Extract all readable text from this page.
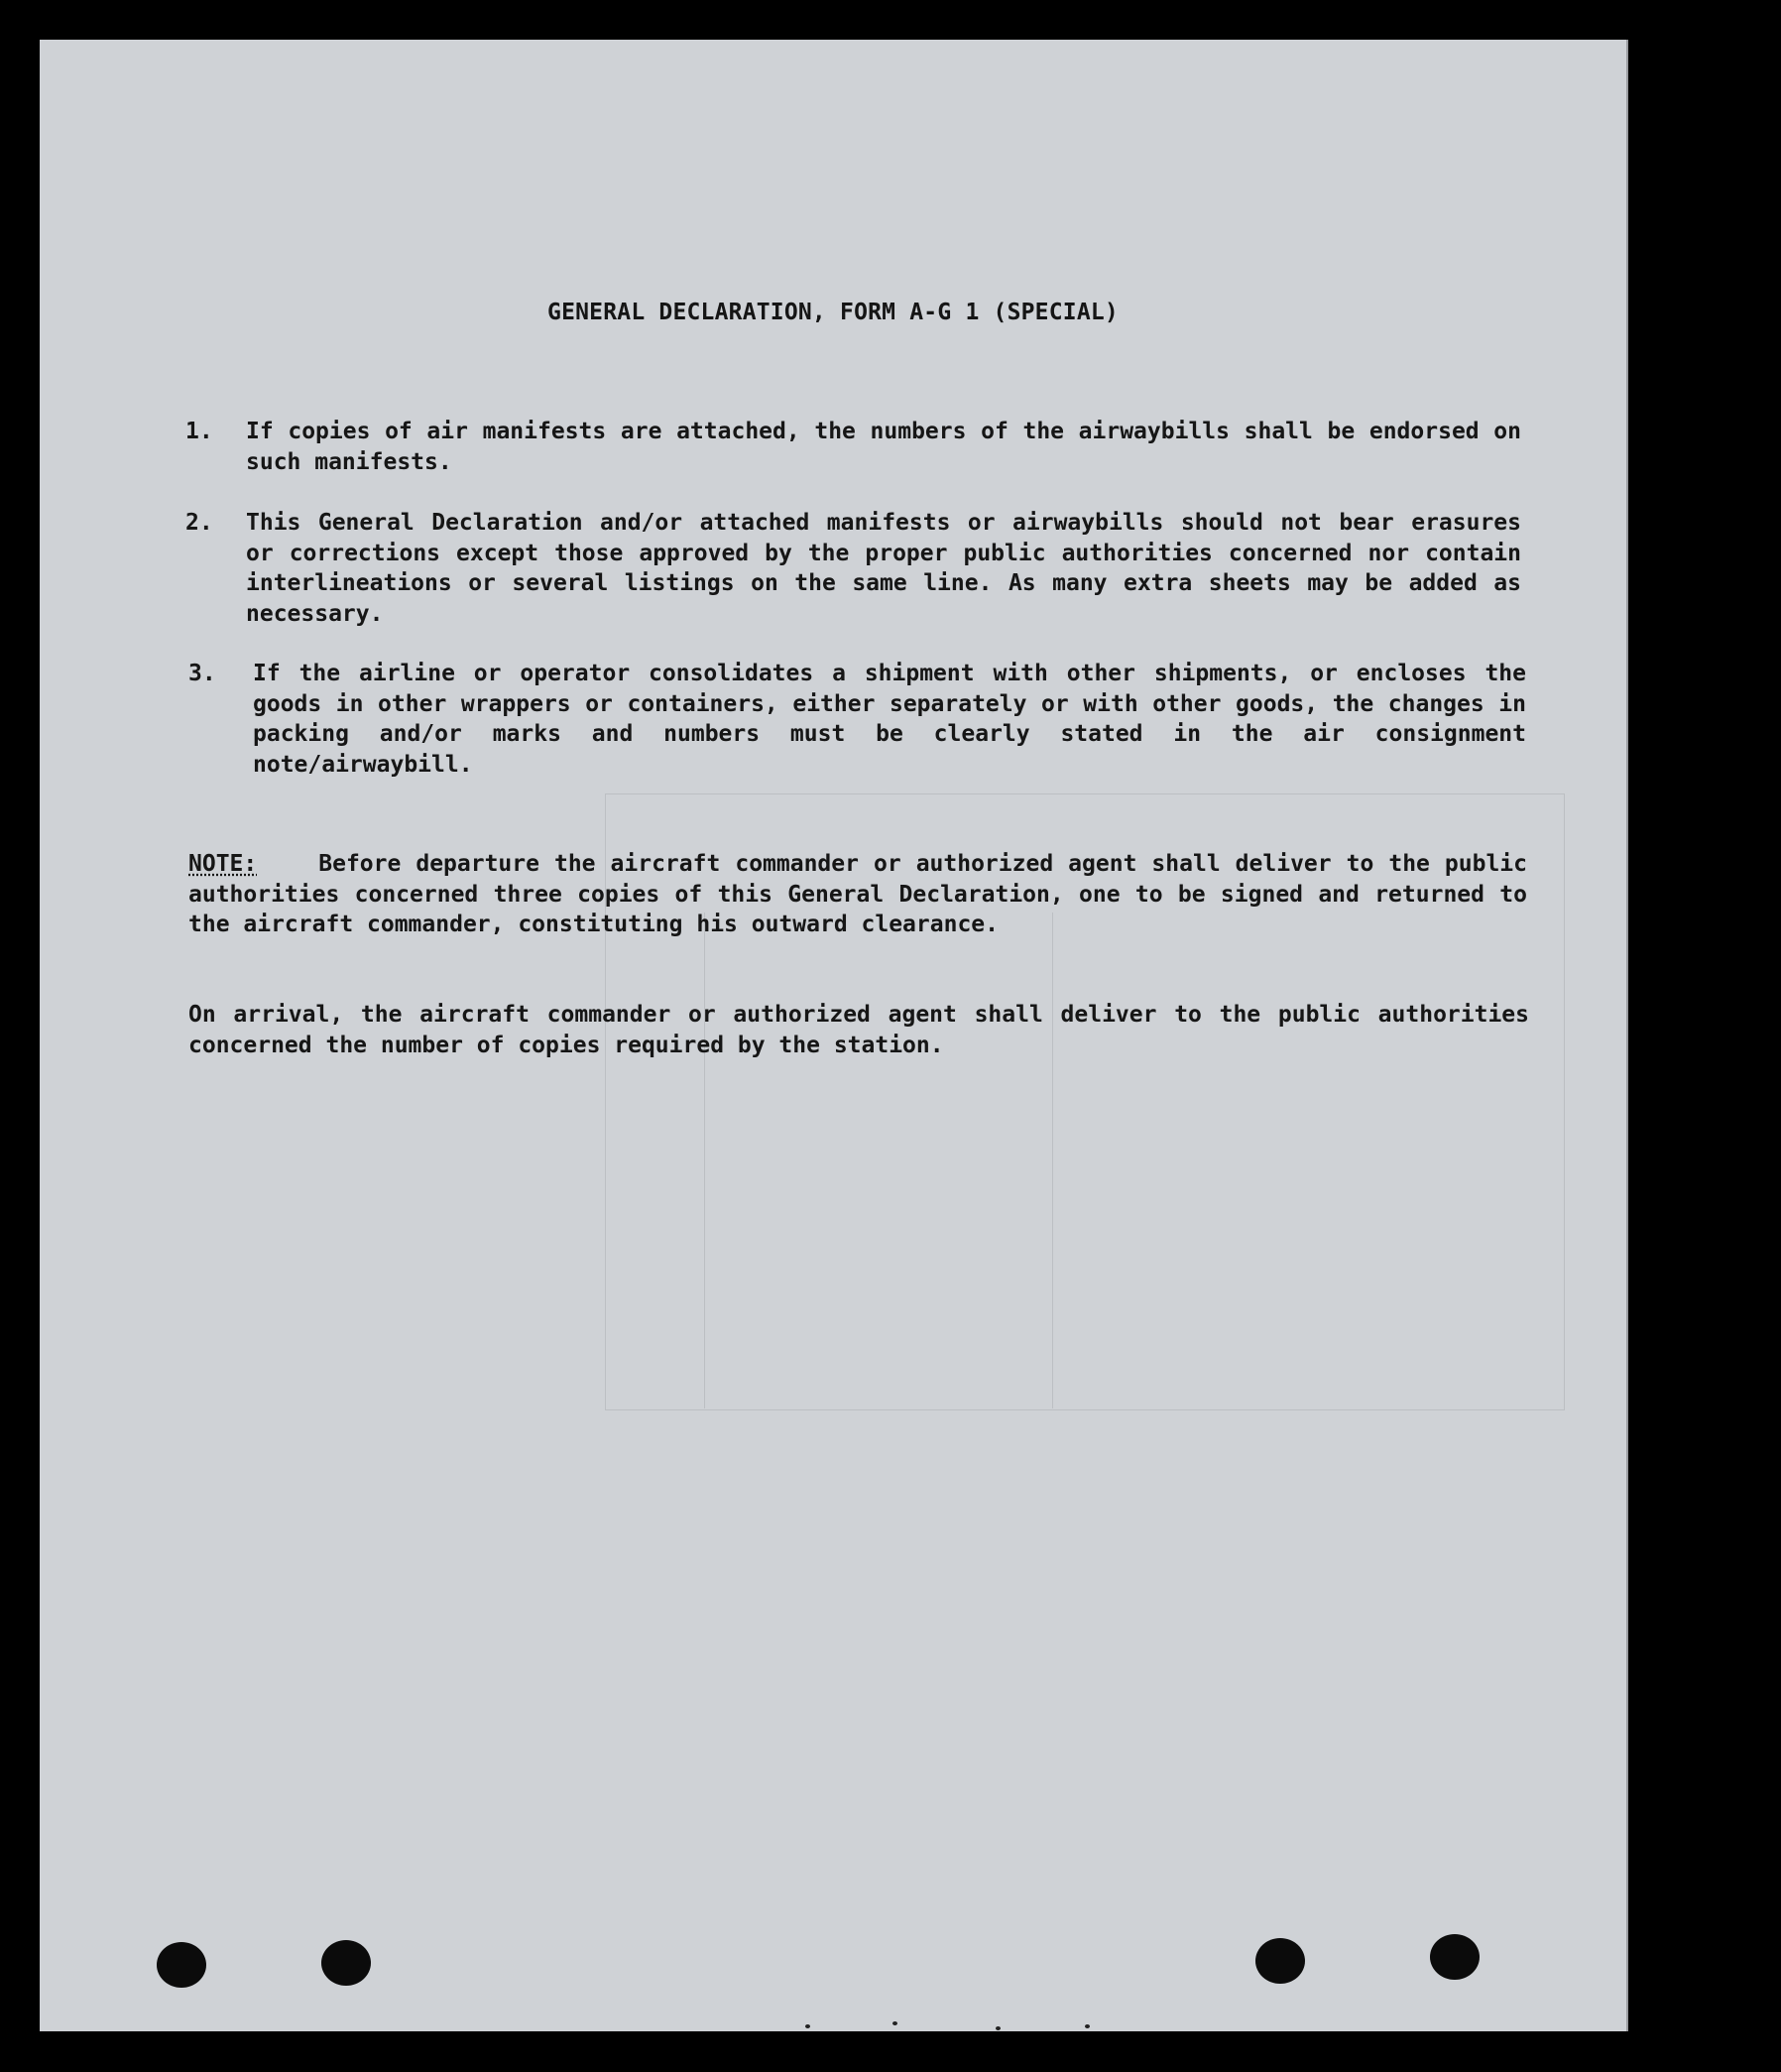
GENERAL DECLARATION, FORM A-G 1 (SPECIAL)
1. If copies of air manifests are attached, the numbers of the airwaybills shall be endorsed on such manifests.

2. This General Declaration and/or attached manifests or airwaybills should not bear erasures or corrections except those approved by the proper public authorities concerned nor contain interlineations or several listings on the same line. As many extra sheets may be added as necessary.

3. If the airline or operator consolidates a shipment with other shipments, or encloses the goods in other wrappers or containers, either separately or with other goods, the changes in packing and/or marks and numbers must be clearly stated in the air consignment note/airwaybill.

NOTE:	Before departure the aircraft commander or authorized agent shall deliver to the public authorities concerned three copies of this General Declaration, one to be signed and returned to the aircraft commander, constituting his outward clearance.

On arrival, the aircraft commander or authorized agent shall deliver to the public authorities concerned the number of copies required by the station.
